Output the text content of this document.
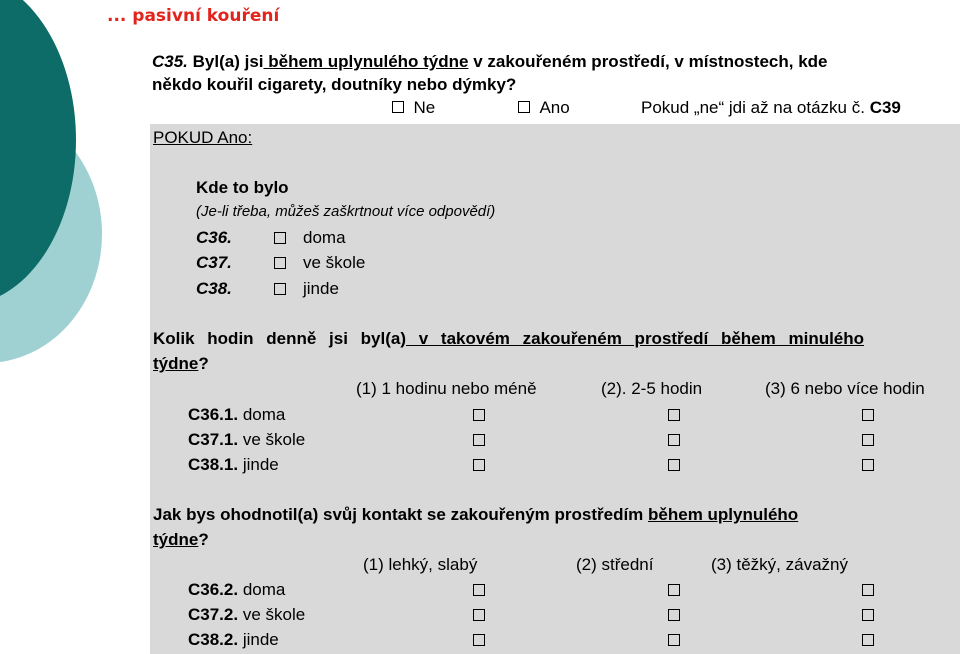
... pasivní kouření
C35. Byl(a) jsi během uplynulého týdne v zakouřeném prostředí, v místnostech, kde
někdo kouřil cigarety, doutníky nebo dýmky?
Ne	Ano	Pokud „ne“ jdi až na otázku č. C39
POKUD Ano:
Kde to bylo
(Je-li třeba, můžeš zaškrtnout více odpovědí)
C36.	doma
C37.	ve škole
C38.	jinde
Kolik hodin denně jsi byl(a) v takovém zakouřeném prostředí během minulého
týdne?
(1) 1 hodinu nebo méně	(2). 2-5 hodin	(3) 6 nebo více hodin
C36.1. doma
C37.1. ve škole
C38.1. jinde
Jak bys ohodnotil(a) svůj kontakt se zakouřeným prostředím během uplynulého
týdne?
(1) lehký, slabý	(2) střední	(3) těžký, závažný
C36.2. doma
C37.2. ve škole
C38.2. jinde
